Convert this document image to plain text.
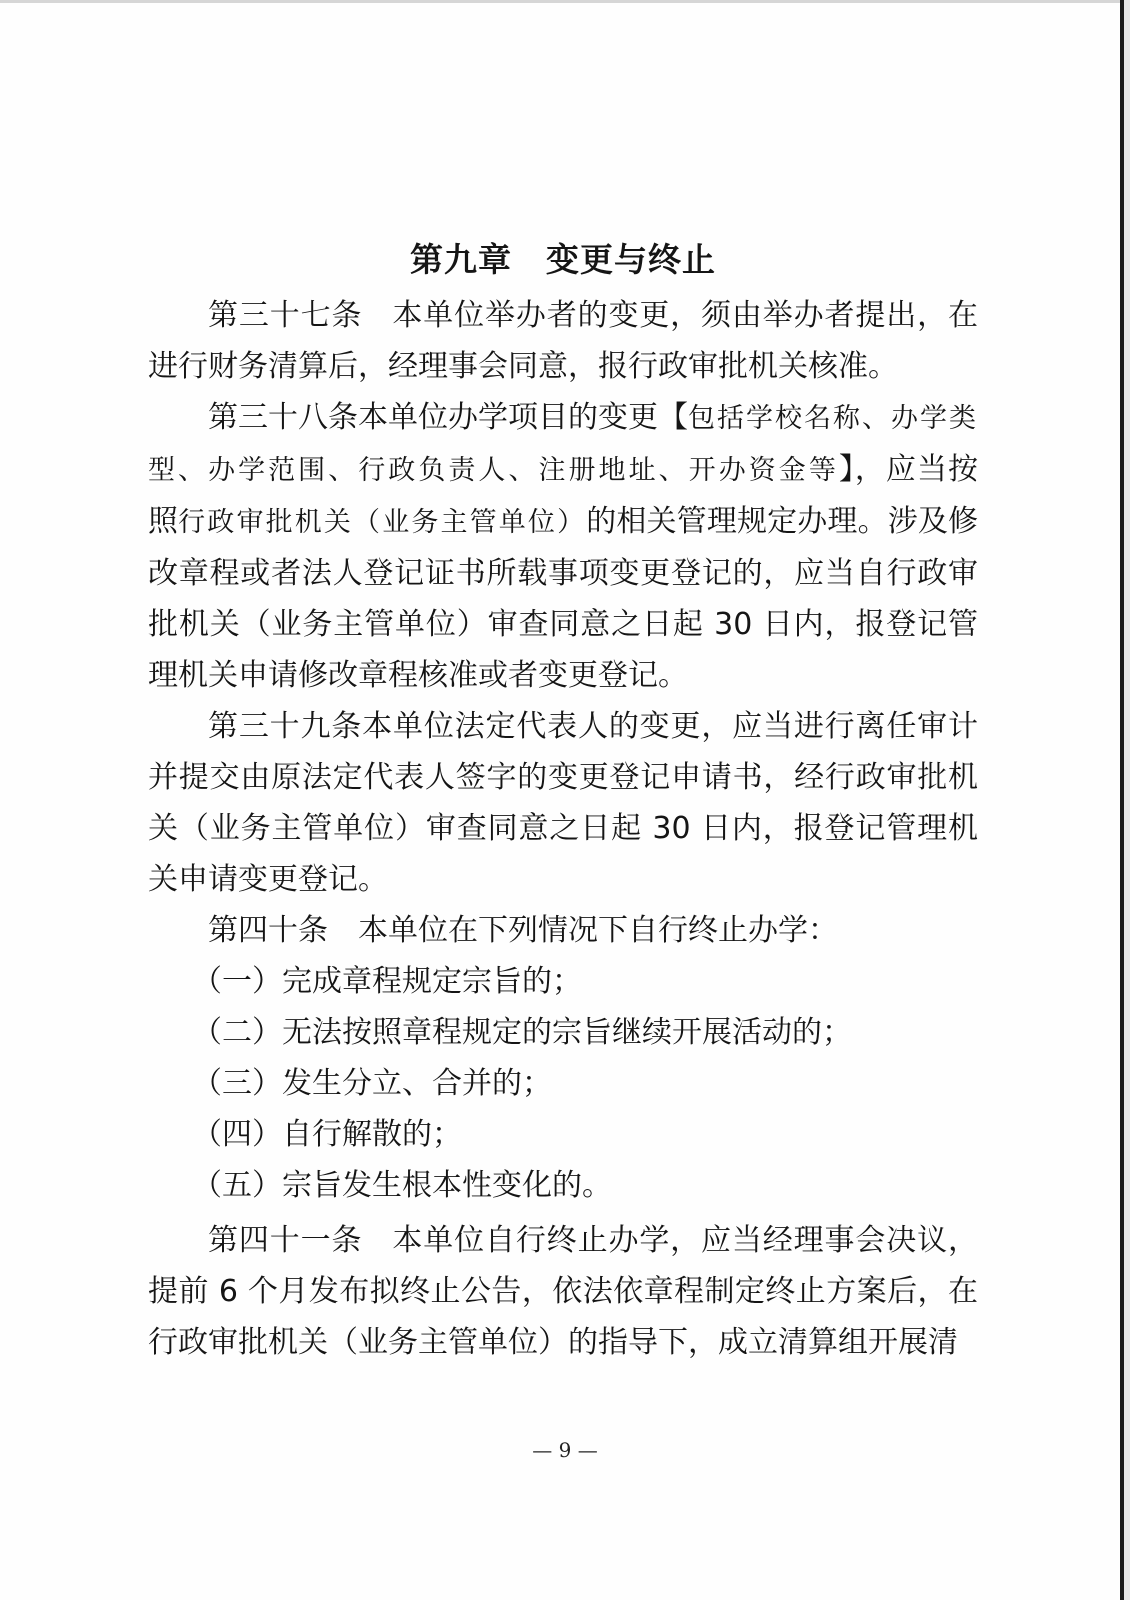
第九章 变更与终止

第三十七条 本单位举办者的变更，须由举办者提出，在进行财务清算后，经理事会同意，报行政审批机关核准。

第三十八条本单位办学项目的变更【包括学校名称、办学类型、办学范围、行政负责人、注册地址、开办资金等】，应当按照行政审批机关（业务主管单位）的相关管理规定办理。涉及修改章程或者法人登记证书所载事项变更登记的，应当自行政审批机关（业务主管单位）审查同意之日起 30 日内，报登记管理机关申请修改章程核准或者变更登记。

第三十九条本单位法定代表人的变更，应当进行离任审计并提交由原法定代表人签字的变更登记申请书，经行政审批机关（业务主管单位）审查同意之日起 30 日内，报登记管理机关申请变更登记。

第四十条 本单位在下列情况下自行终止办学：

（一）完成章程规定宗旨的；

（二）无法按照章程规定的宗旨继续开展活动的；

（三）发生分立、合并的；

（四）自行解散的；

（五）宗旨发生根本性变化的。

第四十一条 本单位自行终止办学，应当经理事会决议，提前 6 个月发布拟终止公告，依法依章程制定终止方案后，在行政审批机关（业务主管单位）的指导下，成立清算组开展清

— 9 —
